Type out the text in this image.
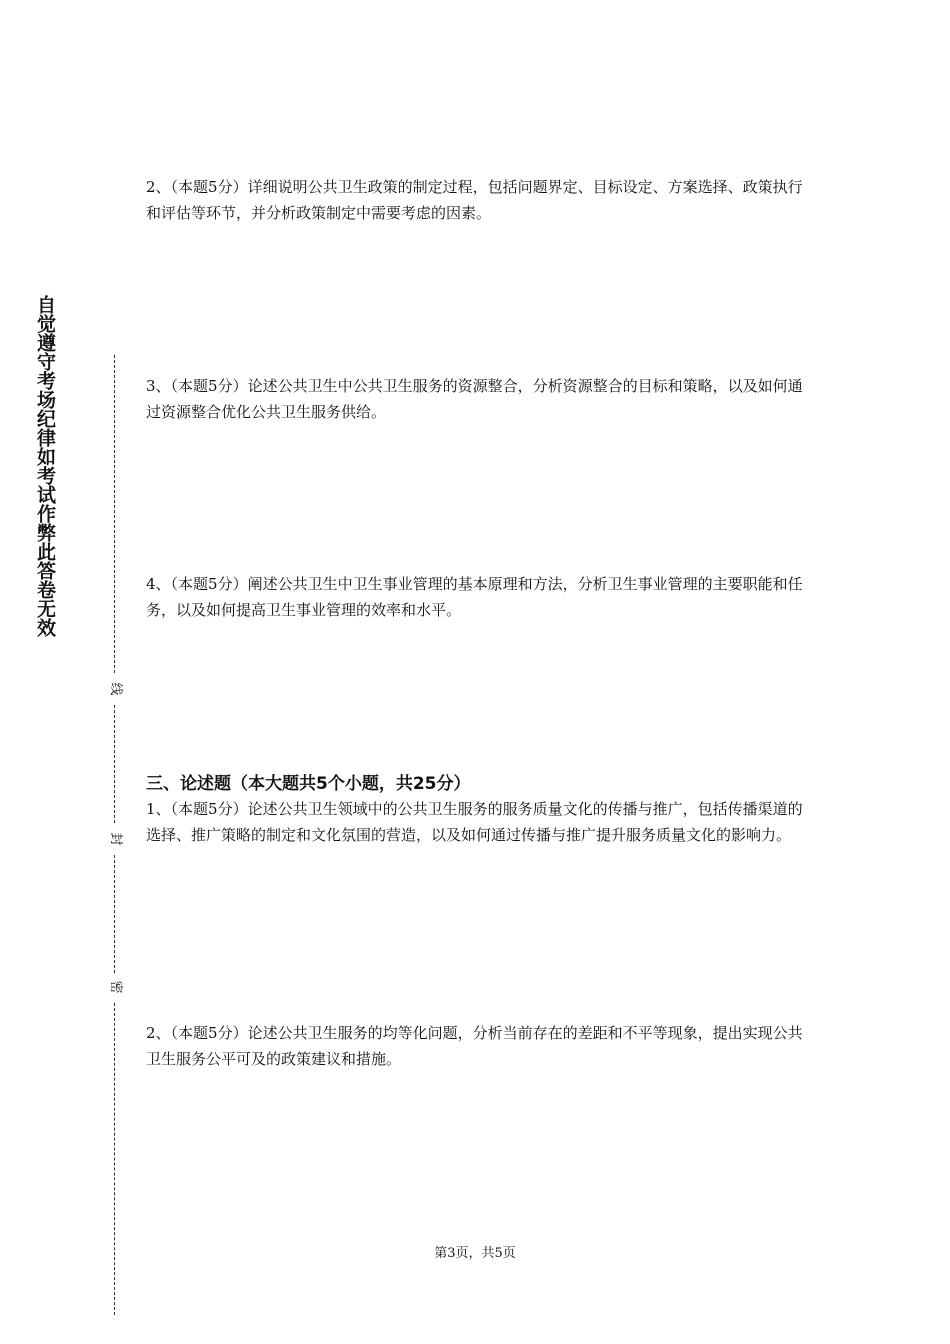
自觉遵守考场纪律如考试作弊此答卷无效
线
封
密

2、（本题5分）详细说明公共卫生政策的制定过程，包括问题界定、目标设定、方案选择、政策执行和评估等环节，并分析政策制定中需要考虑的因素。

3、（本题5分）论述公共卫生中公共卫生服务的资源整合，分析资源整合的目标和策略，以及如何通过资源整合优化公共卫生服务供给。

4、（本题5分）阐述公共卫生中卫生事业管理的基本原理和方法，分析卫生事业管理的主要职能和任务，以及如何提高卫生事业管理的效率和水平。

三、论述题（本大题共5个小题，共25分）

1、（本题5分）论述公共卫生领域中的公共卫生服务的服务质量文化的传播与推广，包括传播渠道的选择、推广策略的制定和文化氛围的营造，以及如何通过传播与推广提升服务质量文化的影响力。

2、（本题5分）论述公共卫生服务的均等化问题，分析当前存在的差距和不平等现象，提出实现公共卫生服务公平可及的政策建议和措施。

第3页，共5页
